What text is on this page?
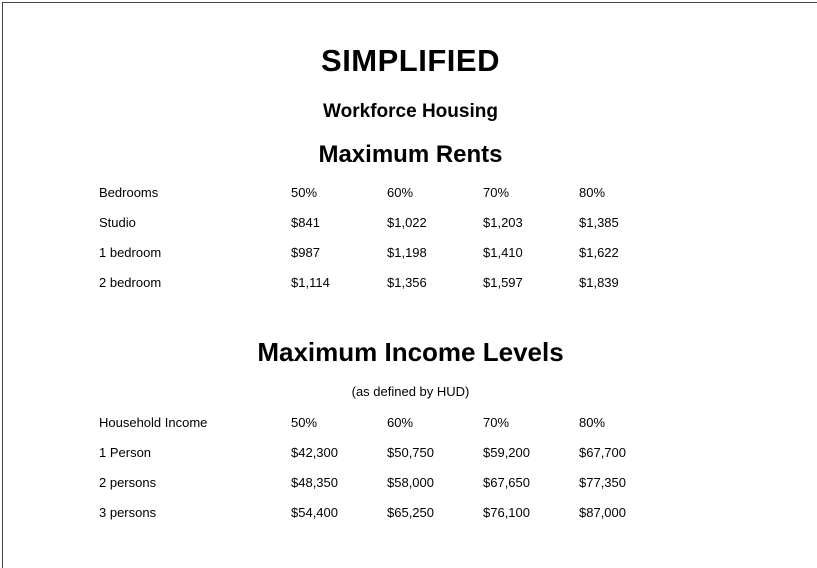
SIMPLIFIED
Workforce Housing
Maximum Rents
Bedrooms	50%	60%	70%	80%
Studio	$841	$1,022	$1,203	$1,385
1 bedroom	$987	$1,198	$1,410	$1,622
2 bedroom	$1,114	$1,356	$1,597	$1,839
Maximum Income Levels
(as defined by HUD)
Household Income	50%	60%	70%	80%
1 Person	$42,300	$50,750	$59,200	$67,700
2 persons	$48,350	$58,000	$67,650	$77,350
3 persons	$54,400	$65,250	$76,100	$87,000
